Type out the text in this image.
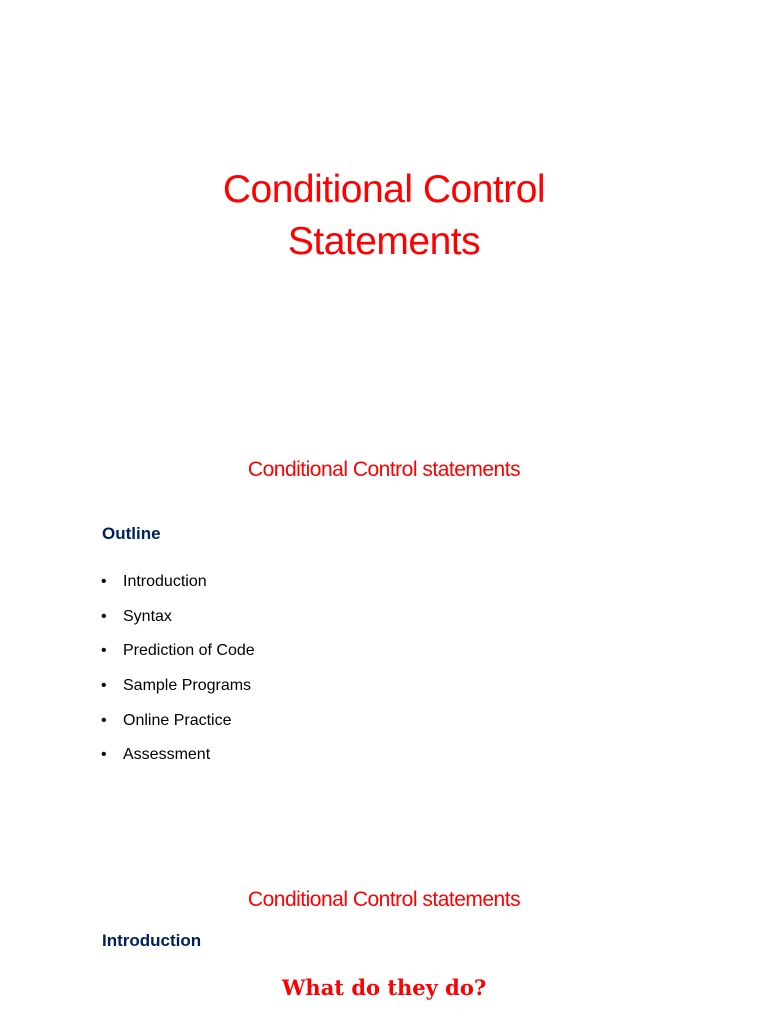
Conditional Control
Statements
Conditional Control statements
Outline
•	Introduction
•	Syntax
•	Prediction of Code
•	Sample Programs
•	Online Practice
•	Assessment
Conditional Control statements
Introduction
What do they do?
